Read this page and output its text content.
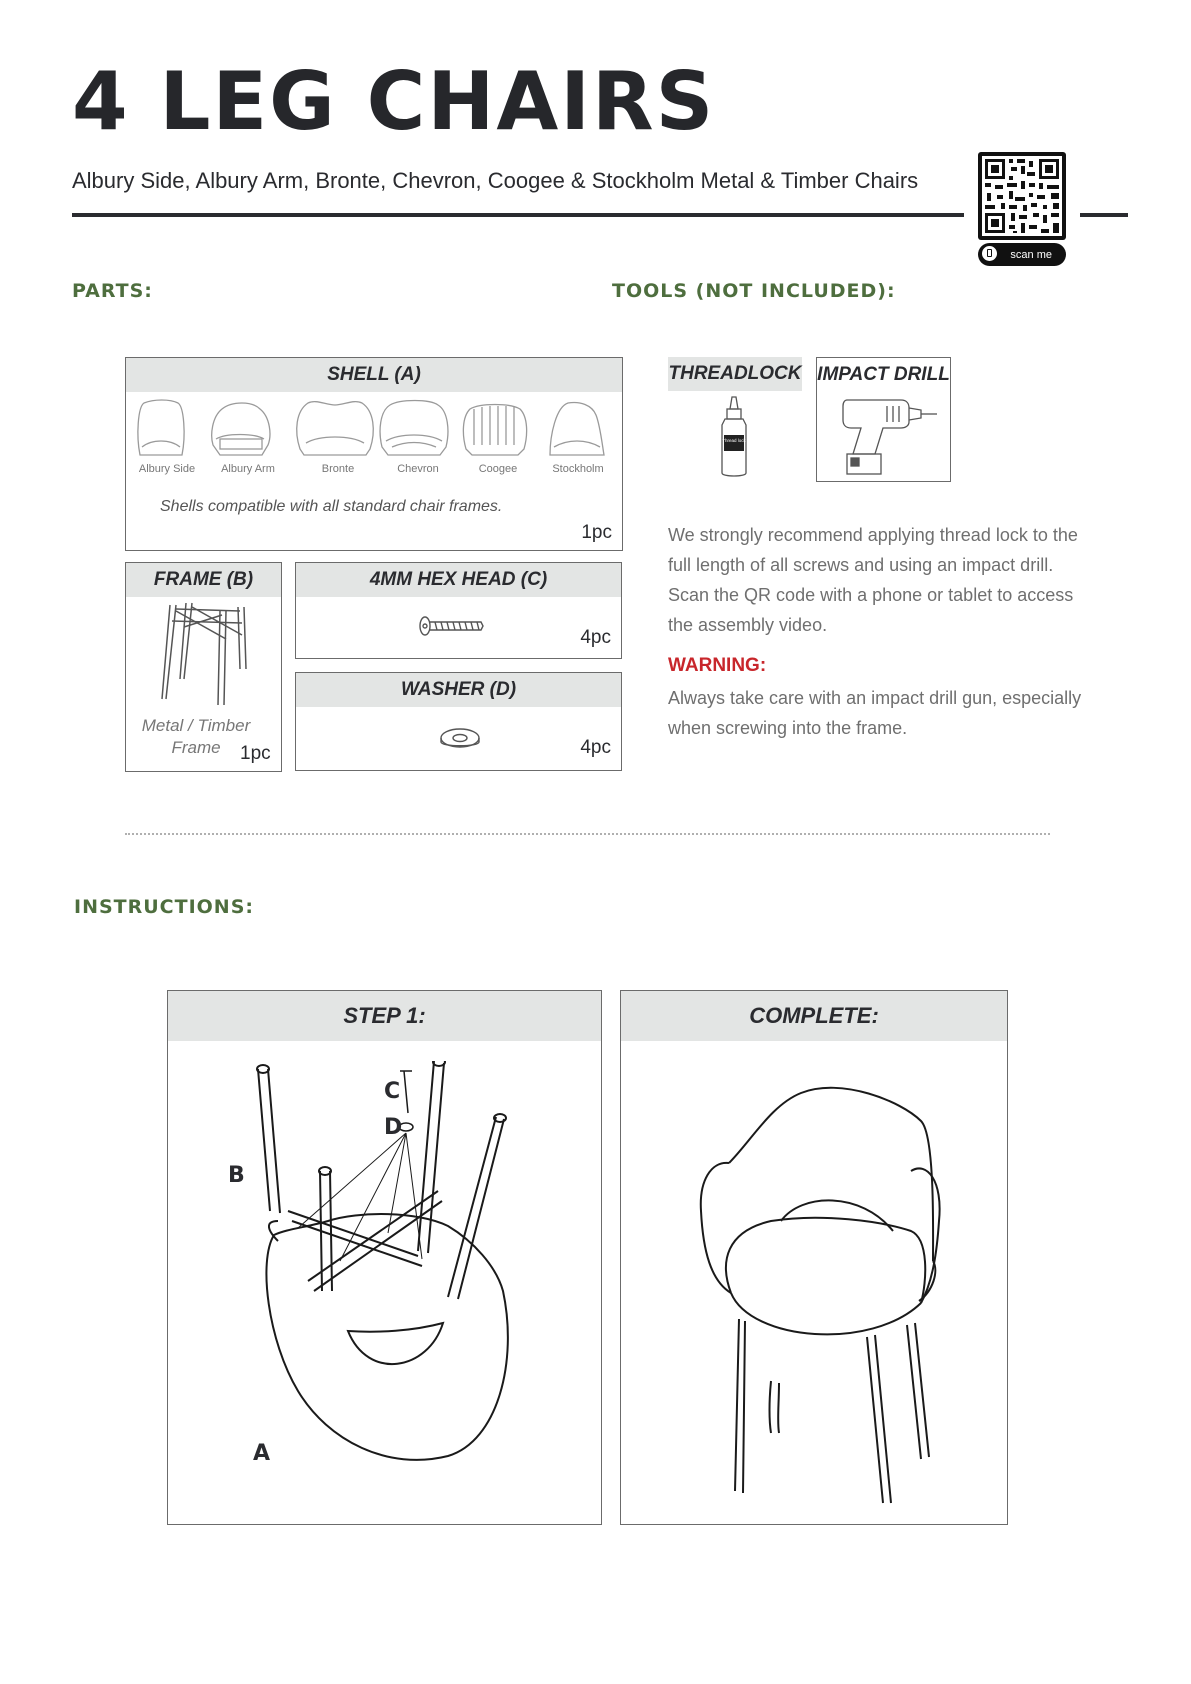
4 LEG CHAIRS
Albury Side, Albury Arm, Bronte, Chevron, Coogee & Stockholm Metal & Timber Chairs
scan me
PARTS:	TOOLS (NOT INCLUDED):
SHELL (A)
1pc
Albury Side	Albury Arm	Bronte	Chevron	Coogee	Stockholm
Shells compatible with all standard chair frames.
FRAME (B)
Metal / Timber
Frame	1pc
4MM HEX HEAD (C)
4pc
WASHER (D)
4pc
THREADLOCK
Thread lock
IMPACT DRILL
We strongly recommend applying thread lock to the full length of all screws and using an impact drill. Scan the QR code with a phone or tablet to access the assembly video.
WARNING:
Always take care with an impact drill gun, especially when screwing into the frame.
INSTRUCTIONS:
STEP 1:
B
C
D
A
COMPLETE:
